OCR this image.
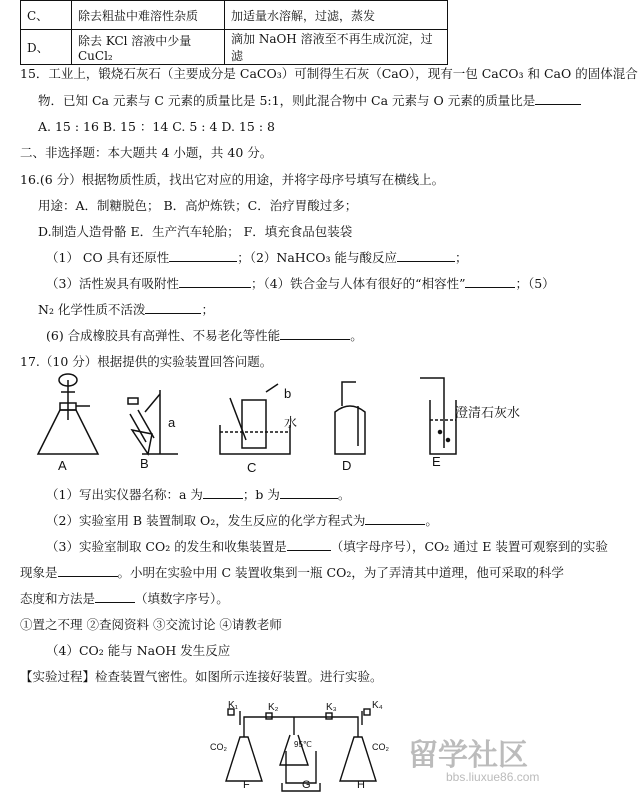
C、	除去粗盐中难溶性杂质	加适量水溶解，过滤，蒸发
D、	除去 KCl 溶液中少量 CuCl₂	滴加 NaOH 溶液至不再生成沉淀，过滤
15．工业上，锻烧石灰石（主要成分是 CaCO₃）可制得生石灰（CaO），现有一包 CaCO₃ 和 CaO 的固体混合
物．已知 Ca 元素与 C 元素的质量比是 5:1，则此混合物中 Ca 元素与 O 元素的质量比是
A. 15 : 16 B. 15 ：14 C. 5 : 4 D. 15 : 8
二、非选择题：本大题共 4 小题，共 40 分。
16.(6 分）根据物质性质，找出它对应的用途，并将字母序号填写在横线上。
用途：A．制糖脱色； B．高炉炼铁；C．治疗胃酸过多；
D.制造人造骨骼 E．生产汽车轮胎； F．填充食品包装袋
（1） CO 具有还原性	；（2）NaHCO₃ 能与酸反应	；
（3）活性炭具有吸附性	；（4）铁合金与人体有很好的“相容性”	；（5）
N₂ 化学性质不活泼	；
(6) 合成橡胶具有高弹性、不易老化等性能	。
17.（10 分）根据提供的实验装置回答问题。
A	B	C	D	E
a
b
水
澄清石灰水
（1）写出实仪器名称：a 为	；b 为	。
（2）实验室用 B 装置制取 O₂，发生反应的化学方程式为	。
（3）实验室制取 CO₂ 的发生和收集装置是	（填字母序号），CO₂ 通过 E 装置可观察到的实验
现象是	。小明在实验中用 C 装置收集到一瓶 CO₂，为了弄清其中道理，他可采取的科学
态度和方法是	（填数字序号）。
①置之不理 ②查阅资料 ③交流讨论 ④请教老师
（4）CO₂ 能与 NaOH 发生反应
【实验过程】检查装置气密性。如图所示连接好装置。进行实验。
K₁	K₂	K₃	K₄
CO₂	CO₂
95℃
F	G	H
留学社区
bbs.liuxue86.com
